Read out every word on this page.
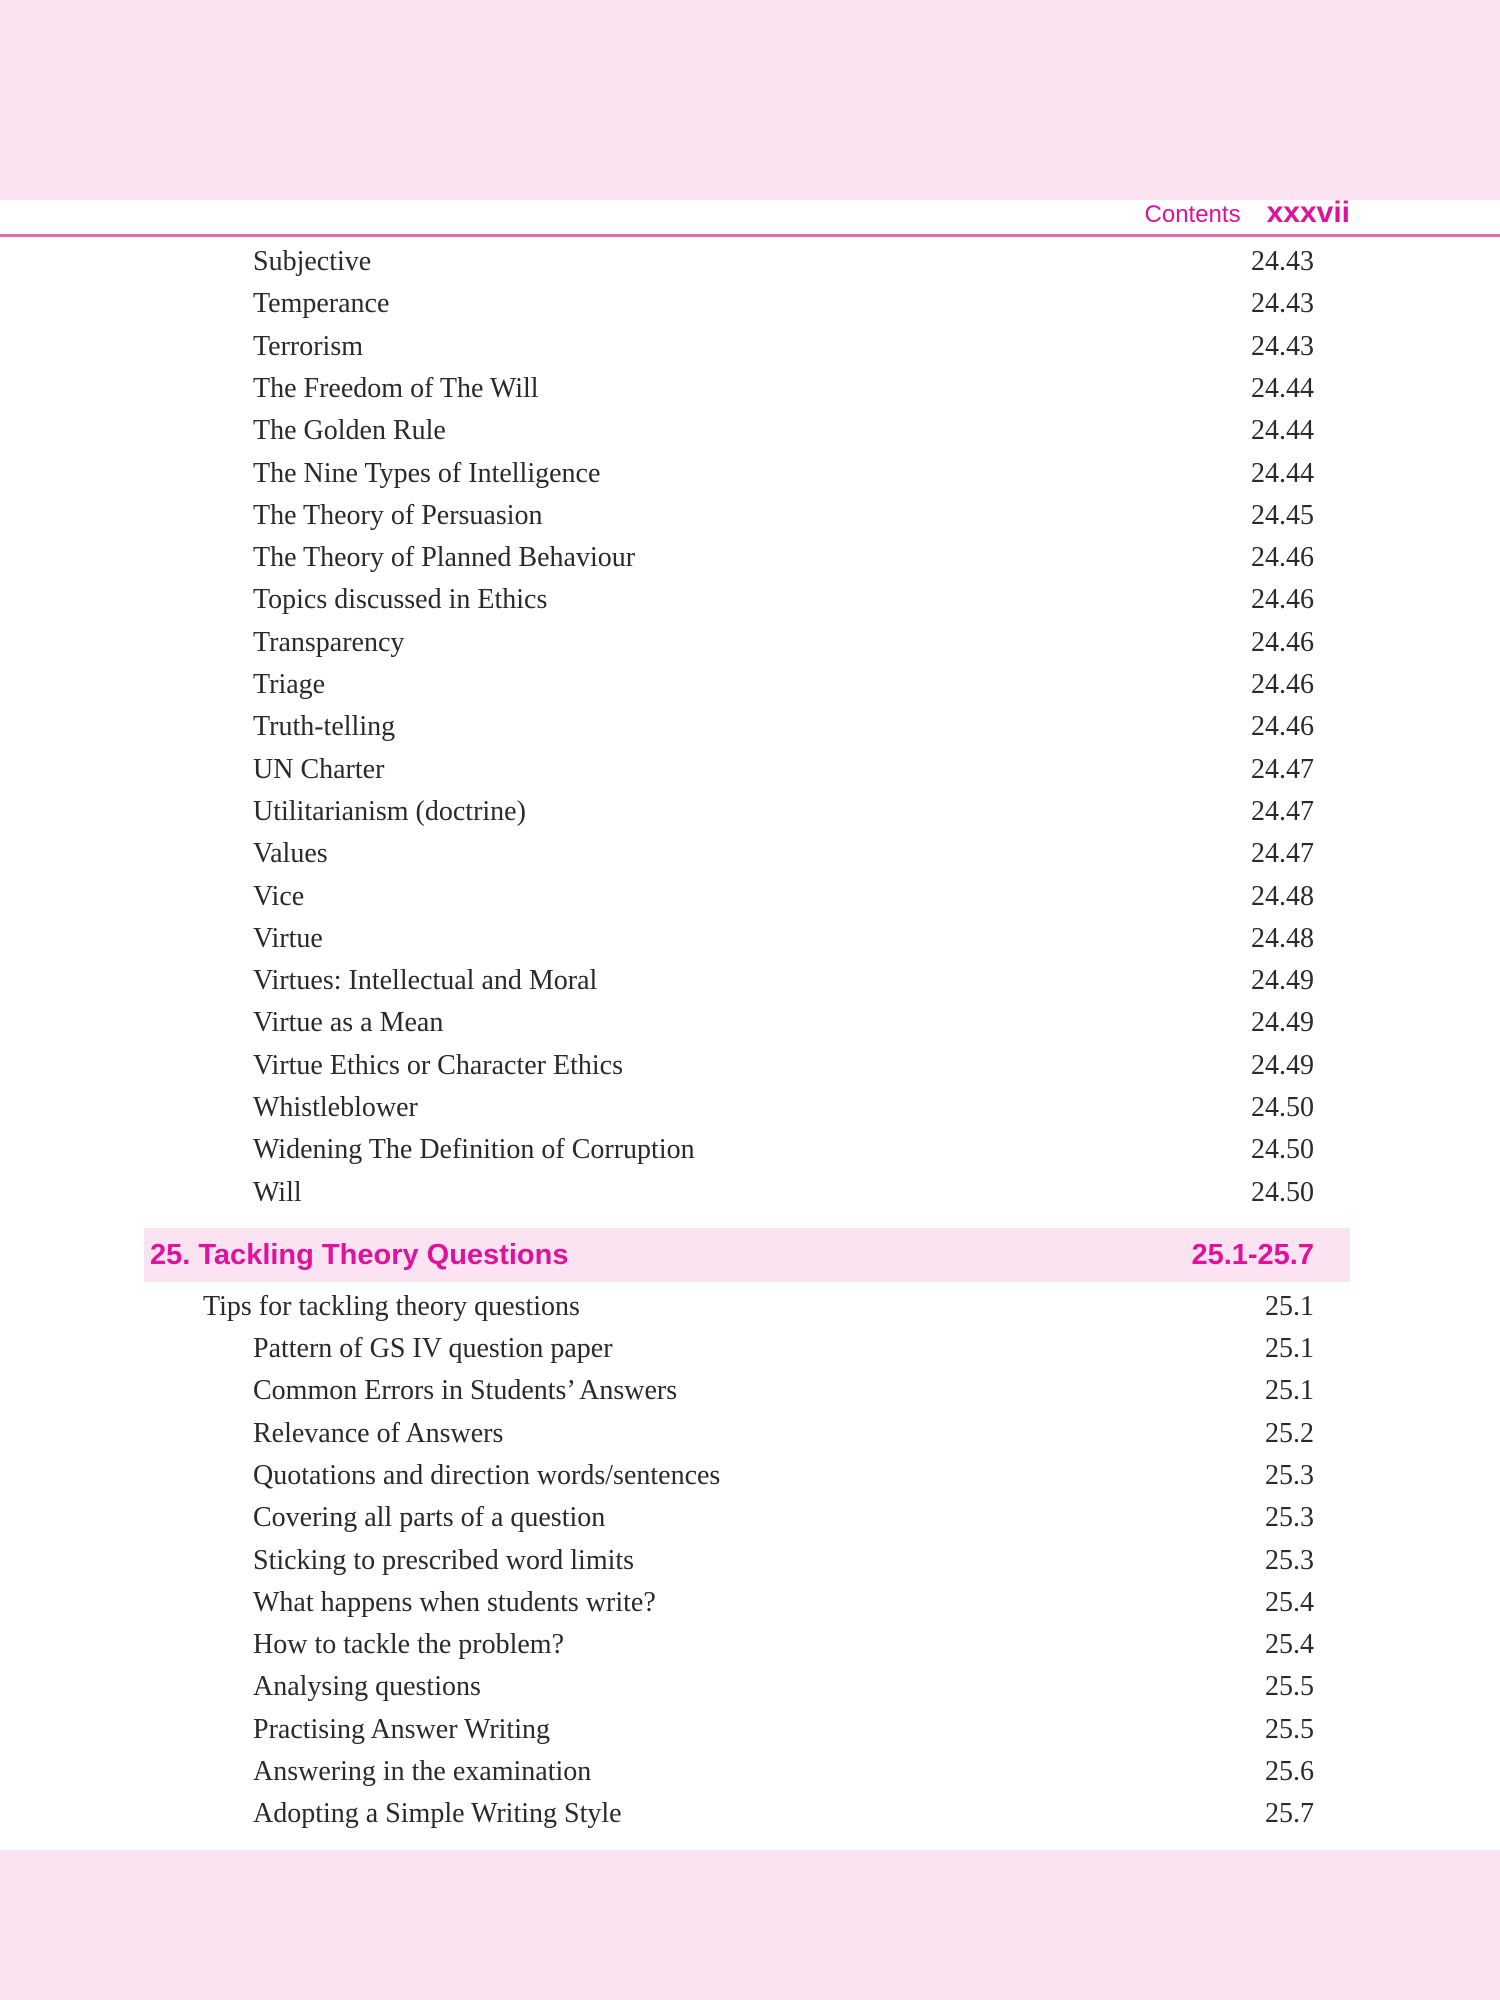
Contents xxxvii
Subjective	24.43
Temperance	24.43
Terrorism	24.43
The Freedom of The Will	24.44
The Golden Rule	24.44
The Nine Types of Intelligence	24.44
The Theory of Persuasion	24.45
The Theory of Planned Behaviour	24.46
Topics discussed in Ethics	24.46
Transparency	24.46
Triage	24.46
Truth-telling	24.46
UN Charter	24.47
Utilitarianism (doctrine)	24.47
Values	24.47
Vice	24.48
Virtue	24.48
Virtues: Intellectual and Moral	24.49
Virtue as a Mean	24.49
Virtue Ethics or Character Ethics	24.49
Whistleblower	24.50
Widening The Definition of Corruption	24.50
Will	24.50
25. Tackling Theory Questions	25.1-25.7
Tips for tackling theory questions	25.1
Pattern of GS IV question paper	25.1
Common Errors in Students’ Answers	25.1
Relevance of Answers	25.2
Quotations and direction words/sentences	25.3
Covering all parts of a question	25.3
Sticking to prescribed word limits	25.3
What happens when students write?	25.4
How to tackle the problem?	25.4
Analysing questions	25.5
Practising Answer Writing	25.5
Answering in the examination	25.6
Adopting a Simple Writing Style	25.7
